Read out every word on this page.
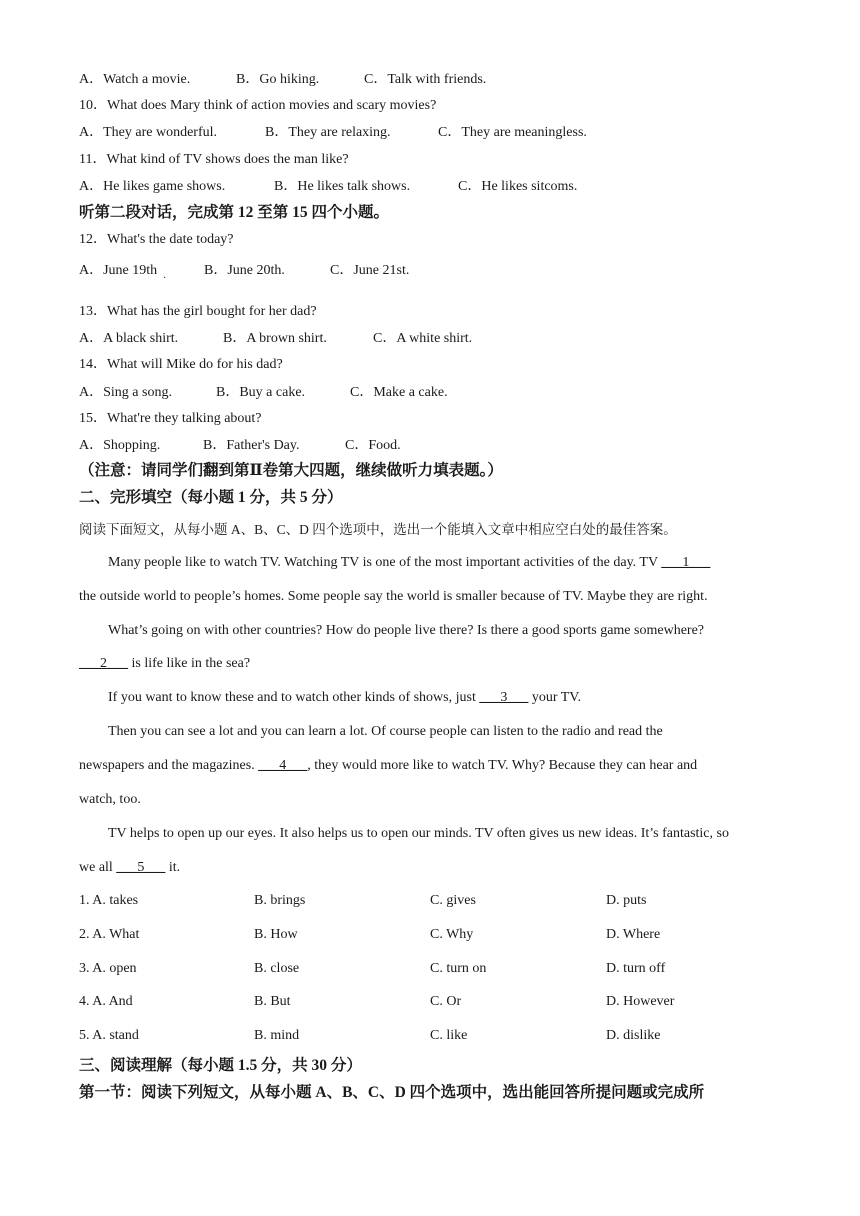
A．Watch a movie.	B．Go hiking.	C．Talk with friends.
10．What does Mary think of action movies and scary movies?
A．They are wonderful.	B．They are relaxing.	C．They are meaningless.
11．What kind of TV shows does the man like?
A．He likes game shows.	B．He likes talk shows.	C．He likes sitcoms.
听第二段对话，完成第 12 至第 15 四个小题。
12．What's the date today?
A．June 19th
·
B．June 20th.	C．June 21st.
13．What has the girl bought for her dad?
A．A black shirt.	B．A brown shirt.	C．A white shirt.
14．What will Mike do for his dad?
A．Sing a song.	B．Buy a cake.	C．Make a cake.
15．What're they talking about?
A．Shopping.	B．Father's Day.	C．Food.
（注意：请同学们翻到第Ⅱ卷第大四题，继续做听力填表题。）
二、完形填空（每小题 1 分，共 5 分）
阅读下面短文，从每小题 A、B、C、D 四个选项中，选出一个能填入文章中相应空白处的最佳答案。
Many people like to watch TV. Watching TV is one of the most important activities of the day. TV ___1___
the outside world to people’s homes. Some people say the world is smaller because of TV. Maybe they are right.
What’s going on with other countries? How do people live there? Is there a good sports game somewhere?
___2___ is life like in the sea?
If you want to know these and to watch other kinds of shows, just ___3___ your TV.
Then you can see a lot and you can learn a lot. Of course people can listen to the radio and read the
newspapers and the magazines. ___4___, they would more like to watch TV. Why? Because they can hear and
watch, too.
TV helps to open up our eyes. It also helps us to open our minds. TV often gives us new ideas. It’s fantastic, so
we all ___5___ it.
1. A. takes	B. brings	C. gives	D. puts
2. A. What	B. How	C. Why	D. Where
3. A. open	B. close	C. turn on	D. turn off
4. A. And	B. But	C. Or	D. However
5. A. stand	B. mind	C. like	D. dislike
三、阅读理解（每小题 1.5 分，共 30 分）
第一节：阅读下列短文，从每小题 A、B、C、D 四个选项中，选出能回答所提问题或完成所
